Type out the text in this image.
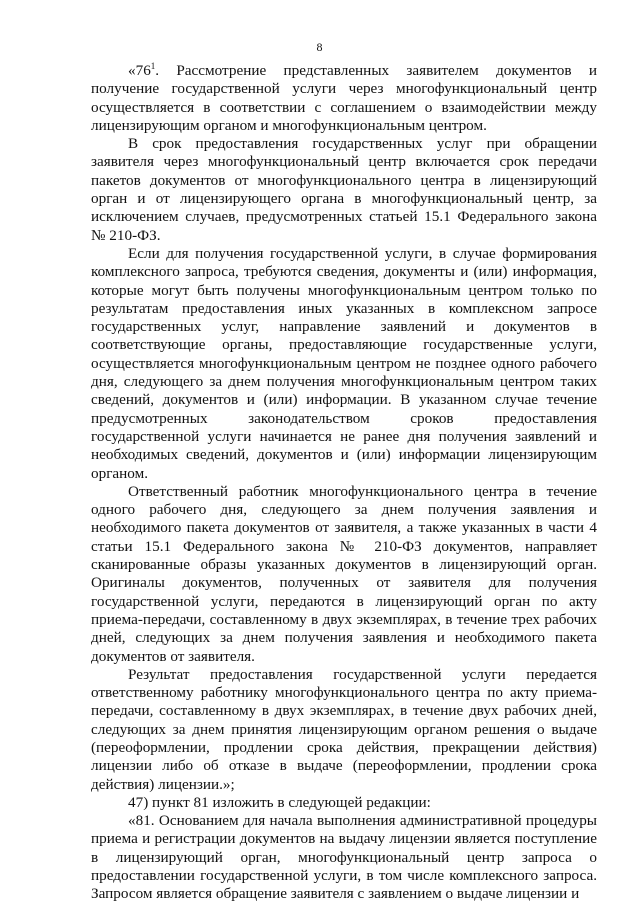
8

«$76^1$. Рассмотрение представленных заявителем документов и получение государственной услуги через многофункциональный центр осуществляется в соответствии с соглашением о взаимодействии между лицензирующим органом и многофункциональным центром.

В срок предоставления государственных услуг при обращении заявителя через многофункциональный центр включается срок передачи пакетов документов от многофункционального центра в лицензирующий орган и от лицензирующего органа в многофункциональный центр, за исключением случаев, предусмотренных статьей 15.1 Федерального закона № 210-ФЗ.

Если для получения государственной услуги, в случае формирования комплексного запроса, требуются сведения, документы и (или) информация, которые могут быть получены многофункциональным центром только по результатам предоставления иных указанных в комплексном запросе государственных услуг, направление заявлений и документов в соответствующие органы, предоставляющие государственные услуги, осуществляется многофункциональным центром не позднее одного рабочего дня, следующего за днем получения многофункциональным центром таких сведений, документов и (или) информации. В указанном случае течение предусмотренных законодательством сроков предоставления государственной услуги начинается не ранее дня получения заявлений и необходимых сведений, документов и (или) информации лицензирующим органом.

Ответственный работник многофункционального центра в течение одного рабочего дня, следующего за днем получения заявления и необходимого пакета документов от заявителя, а также указанных в части 4 статьи 15.1 Федерального закона № 210-ФЗ документов, направляет сканированные образы указанных документов в лицензирующий орган. Оригиналы документов, полученных от заявителя для получения государственной услуги, передаются в лицензирующий орган по акту приема-передачи, составленному в двух экземплярах, в течение трех рабочих дней, следующих за днем получения заявления и необходимого пакета документов от заявителя.

Результат предоставления государственной услуги передается ответственному работнику многофункционального центра по акту приема-передачи, составленному в двух экземплярах, в течение двух рабочих дней, следующих за днем принятия лицензирующим органом решения о выдаче (переоформлении, продлении срока действия, прекращении действия) лицензии либо об отказе в выдаче (переоформлении, продлении срока действия) лицензии.»;

47) пункт 81 изложить в следующей редакции:

«81. Основанием для начала выполнения административной процедуры приема и регистрации документов на выдачу лицензии является поступление в лицензирующий орган, многофункциональный центр запроса о предоставлении государственной услуги, в том числе комплексного запроса. Запросом является обращение заявителя с заявлением о выдаче лицензии и
